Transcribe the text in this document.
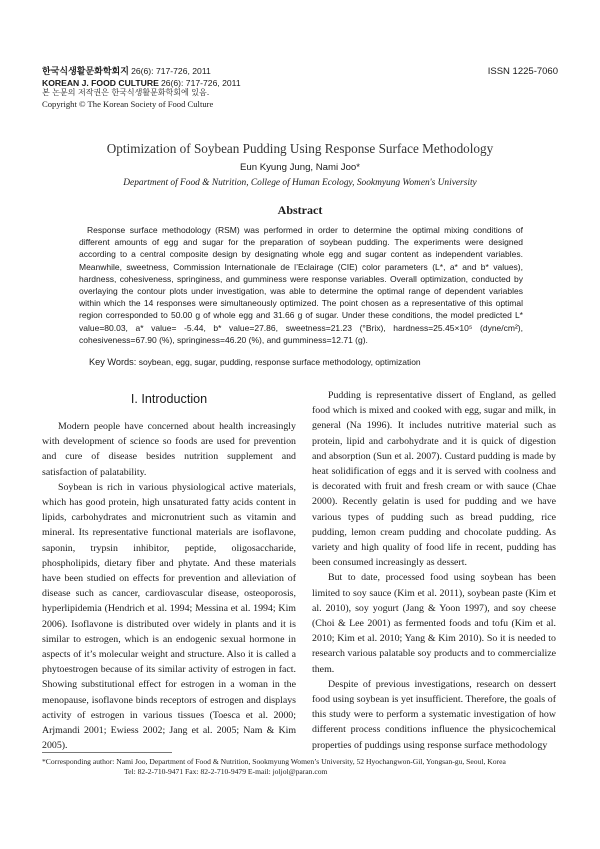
한국식생활문화학회지 26(6): 717-726, 2011
KOREAN J. FOOD CULTURE 26(6): 717-726, 2011
본 논문의 저작권은 한국식생활문화학회에 있음.
Copyright © The Korean Society of Food Culture
ISSN 1225-7060
Optimization of Soybean Pudding Using Response Surface Methodology
Eun Kyung Jung, Nami Joo*
Department of Food & Nutrition, College of Human Ecology, Sookmyung Women's University
Abstract
Response surface methodology (RSM) was performed in order to determine the optimal mixing conditions of different amounts of egg and sugar for the preparation of soybean pudding. The experiments were designed according to a central composite design by designating whole egg and sugar content as independent variables. Meanwhile, sweetness, Commission Internationale de l’Eclairage (CIE) color parameters (L*, a* and b* values), hardness, cohesiveness, springiness, and gumminess were response variables. Overall optimization, conducted by overlaying the contour plots under investigation, was able to determine the optimal range of dependent variables within which the 14 responses were simultaneously optimized. The point chosen as a representative of this optimal region corresponded to 50.00 g of whole egg and 31.66 g of sugar. Under these conditions, the model predicted L* value=80.03, a* value= -5.44, b* value=27.86, sweetness=21.23 (°Brix), hardness=25.45×10⁵ (dyne/cm²), cohesiveness=67.90 (%), springiness=46.20 (%), and gumminess=12.71 (g).
Key Words: soybean, egg, sugar, pudding, response surface methodology, optimization
I. Introduction

Modern people have concerned about health increasingly with development of science so foods are used for prevention and cure of disease besides nutrition supplement and satisfaction of palatability.

Soybean is rich in various physiological active materials, which has good protein, high unsaturated fatty acids content in lipids, carbohydrates and micronutrient such as vitamin and mineral. Its representative functional materials are isoflavone, saponin, trypsin inhibitor, peptide, oligosaccharide, phospholipids, dietary fiber and phytate. And these materials have been studied on effects for prevention and alleviation of disease such as cancer, cardiovascular disease, osteoporosis, hyperlipidemia (Hendrich et al. 1994; Messina et al. 1994; Kim 2006). Isoflavone is distributed over widely in plants and it is similar to estrogen, which is an endogenic sexual hormone in aspects of it’s molecular weight and structure. Also it is called a phytoestrogen because of its similar activity of estrogen in fact. Showing substitutional effect for estrogen in a woman in the menopause, isoflavone binds receptors of estrogen and displays activity of estrogen in various tissues (Toesca et al. 2000; Arjmandi 2001; Ewiess 2002; Jang et al. 2005; Nam & Kim 2005).

Pudding is representative dissert of England, as gelled food which is mixed and cooked with egg, sugar and milk, in general (Na 1996). It includes nutritive material such as protein, lipid and carbohydrate and it is quick of digestion and absorption (Sun et al. 2007). Custard pudding is made by heat solidification of eggs and it is served with coolness and is decorated with fruit and fresh cream or with sauce (Chae 2000). Recently gelatin is used for pudding and we have various types of pudding such as bread pudding, rice pudding, lemon cream pudding and chocolate pudding. As variety and high quality of food life in recent, pudding has been consumed increasingly as dessert.

But to date, processed food using soybean has been limited to soy sauce (Kim et al. 2011), soybean paste (Kim et al. 2010), soy yogurt (Jang & Yoon 1997), and soy cheese (Choi & Lee 2001) as fermented foods and tofu (Kim et al. 2010; Kim et al. 2010; Yang & Kim 2010). So it is needed to research various palatable soy products and to commercialize them.

Despite of previous investigations, research on dessert food using soybean is yet insufficient. Therefore, the goals of this study were to perform a systematic investigation of how different process conditions influence the physicochemical properties of puddings using response surface methodology

*Corresponding author: Nami Joo, Department of Food & Nutrition, Sookmyung Women’s University, 52 Hyochangwon-Gil, Yongsan-gu, Seoul, Korea
Tel: 82-2-710-9471 Fax: 82-2-710-9479 E-mail: joljol@paran.com
